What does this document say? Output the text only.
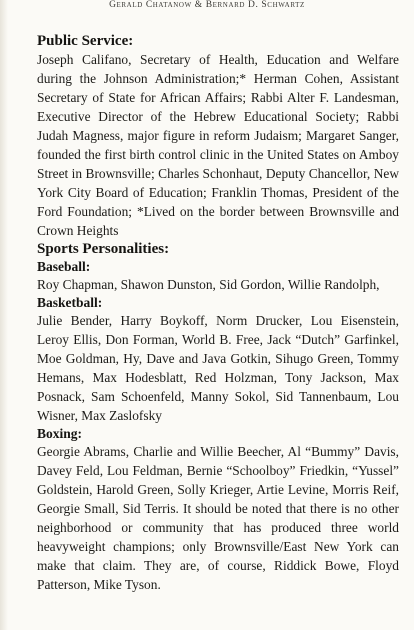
Gerald Chatanow & Bernard D. Schwartz
Public Service:

Joseph Califano, Secretary of Health, Education and Welfare during the Johnson Administration;* Herman Cohen, Assistant Secretary of State for African Affairs; Rabbi Alter F. Landesman, Executive Director of the Hebrew Educational Society; Rabbi Judah Magness, major figure in reform Judaism; Margaret Sanger, founded the first birth control clinic in the United States on Amboy Street in Brownsville; Charles Schonhaut, Deputy Chancellor, New York City Board of Education; Franklin Thomas, President of the Ford Foundation; *Lived on the border between Brownsville and Crown Heights

Sports Personalities:
Baseball:

Roy Chapman, Shawon Dunston, Sid Gordon, Willie Randolph,

Basketball:

Julie Bender, Harry Boykoff, Norm Drucker, Lou Eisenstein, Leroy Ellis, Don Forman, World B. Free, Jack “Dutch” Garfinkel, Moe Goldman, Hy, Dave and Java Gotkin, Sihugo Green, Tommy Hemans, Max Hodesblatt, Red Holzman, Tony Jackson, Max Posnack, Sam Schoenfeld, Manny Sokol, Sid Tannenbaum, Lou Wisner, Max Zaslofsky

Boxing:

Georgie Abrams, Charlie and Willie Beecher, Al “Bummy” Davis, Davey Feld, Lou Feldman, Bernie “Schoolboy” Friedkin, “Yussel” Goldstein, Harold Green, Solly Krieger, Artie Levine, Morris Reif, Georgie Small, Sid Terris. It should be noted that there is no other neighborhood or community that has produced three world heavyweight champions; only Brownsville/East New York can make that claim. They are, of course, Riddick Bowe, Floyd Patterson, Mike Tyson.
